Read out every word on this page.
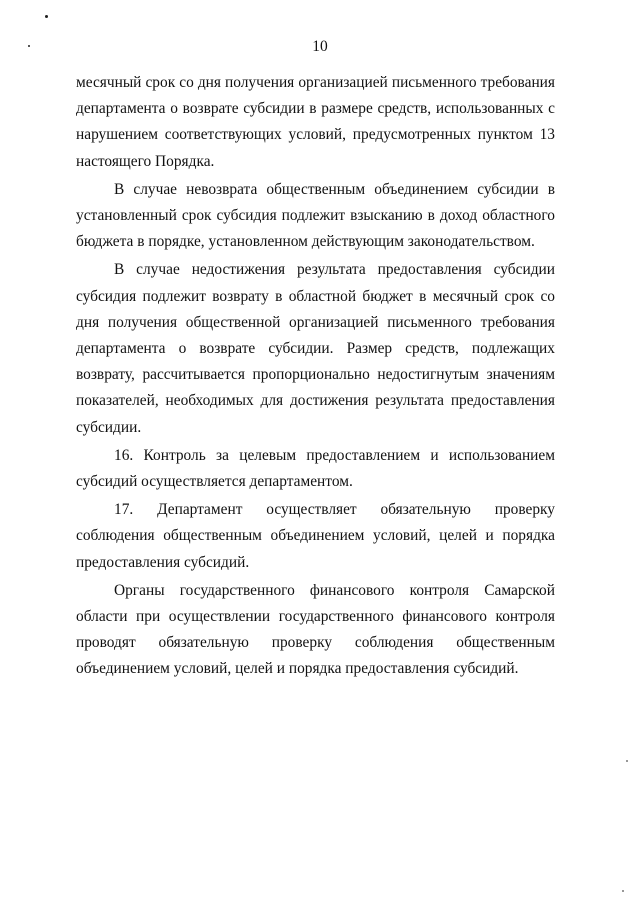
10

месячный срок со дня получения организацией письменного требования департамента о возврате субсидии в размере средств, использованных с нарушением соответствующих условий, предусмотренных пунктом 13 настоящего Порядка.

В случае невозврата общественным объединением субсидии в установленный срок субсидия подлежит взысканию в доход областного бюджета в порядке, установленном действующим законодательством.

В случае недостижения результата предоставления субсидии субсидия подлежит возврату в областной бюджет в месячный срок со дня получения общественной организацией письменного требования департамента о возврате субсидии. Размер средств, подлежащих возврату, рассчитывается пропорционально недостигнутым значениям показателей, необходимых для достижения результата предоставления субсидии.

16. Контроль за целевым предоставлением и использованием субсидий осуществляется департаментом.

17. Департамент осуществляет обязательную проверку соблюдения общественным объединением условий, целей и порядка предоставления субсидий.

Органы государственного финансового контроля Самарской области при осуществлении государственного финансового контроля проводят обязательную проверку соблюдения общественным объединением условий, целей и порядка предоставления субсидий.
